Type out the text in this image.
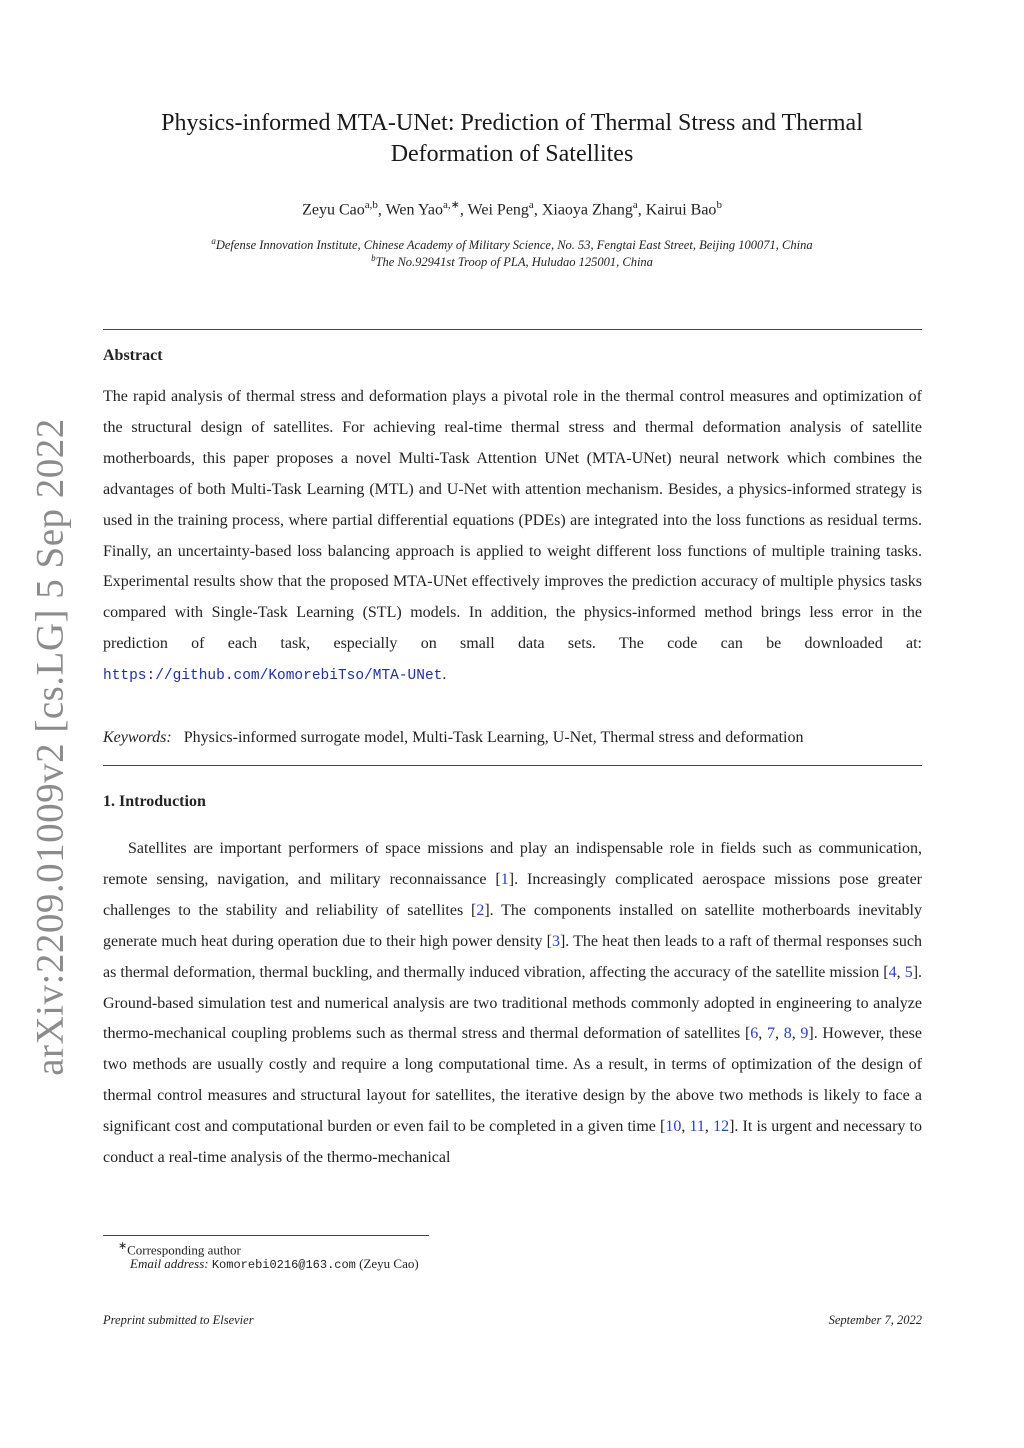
arXiv:2209.01009v2 [cs.LG] 5 Sep 2022
Physics-informed MTA-UNet: Prediction of Thermal Stress and Thermal
Deformation of Satellites
Zeyu Cao$^{a,b}$, Wen Yao$^{a,∗}$, Wei Peng$^a$, Xiaoya Zhang$^a$, Kairui Bao$^b$
$^a$Defense Innovation Institute, Chinese Academy of Military Science, No. 53, Fengtai East Street, Beijing 100071, China
$^b$The No.92941st Troop of PLA, Huludao 125001, China
Abstract
The rapid analysis of thermal stress and deformation plays a pivotal role in the thermal control measures and optimization of the structural design of satellites. For achieving real-time thermal stress and thermal deformation analysis of satellite motherboards, this paper proposes a novel Multi-Task Attention UNet (MTA-UNet) neural network which combines the advantages of both Multi-Task Learning (MTL) and U-Net with attention mechanism. Besides, a physics-informed strategy is used in the training process, where partial differential equations (PDEs) are integrated into the loss functions as residual terms. Finally, an uncertainty-based loss balancing approach is applied to weight different loss functions of multiple training tasks. Experimental results show that the proposed MTA-UNet effectively improves the prediction accuracy of multiple physics tasks compared with Single-Task Learning (STL) models. In addition, the physics-informed method brings less error in the prediction of each task, especially on small data sets. The code can be downloaded at: https://github.com/KomorebiTso/MTA-UNet.
Keywords: Physics-informed surrogate model, Multi-Task Learning, U-Net, Thermal stress and deformation
1. Introduction
Satellites are important performers of space missions and play an indispensable role in fields such as communication, remote sensing, navigation, and military reconnaissance [1]. Increasingly complicated aerospace missions pose greater challenges to the stability and reliability of satellites [2]. The components installed on satellite motherboards inevitably generate much heat during operation due to their high power density [3]. The heat then leads to a raft of thermal responses such as thermal deformation, thermal buckling, and thermally induced vibration, affecting the accuracy of the satellite mission [4, 5]. Ground-based simulation test and numerical analysis are two traditional methods commonly adopted in engineering to analyze thermo-mechanical coupling problems such as thermal stress and thermal deformation of satellites [6, 7, 8, 9]. However, these two methods are usually costly and require a long computational time. As a result, in terms of optimization of the design of thermal control measures and structural layout for satellites, the iterative design by the above two methods is likely to face a significant cost and computational burden or even fail to be completed in a given time [10, 11, 12]. It is urgent and necessary to conduct a real-time analysis of the thermo-mechanical
∗Corresponding author
Email address: Komorebi0216@163.com (Zeyu Cao)
Preprint submitted to Elsevier	September 7, 2022
